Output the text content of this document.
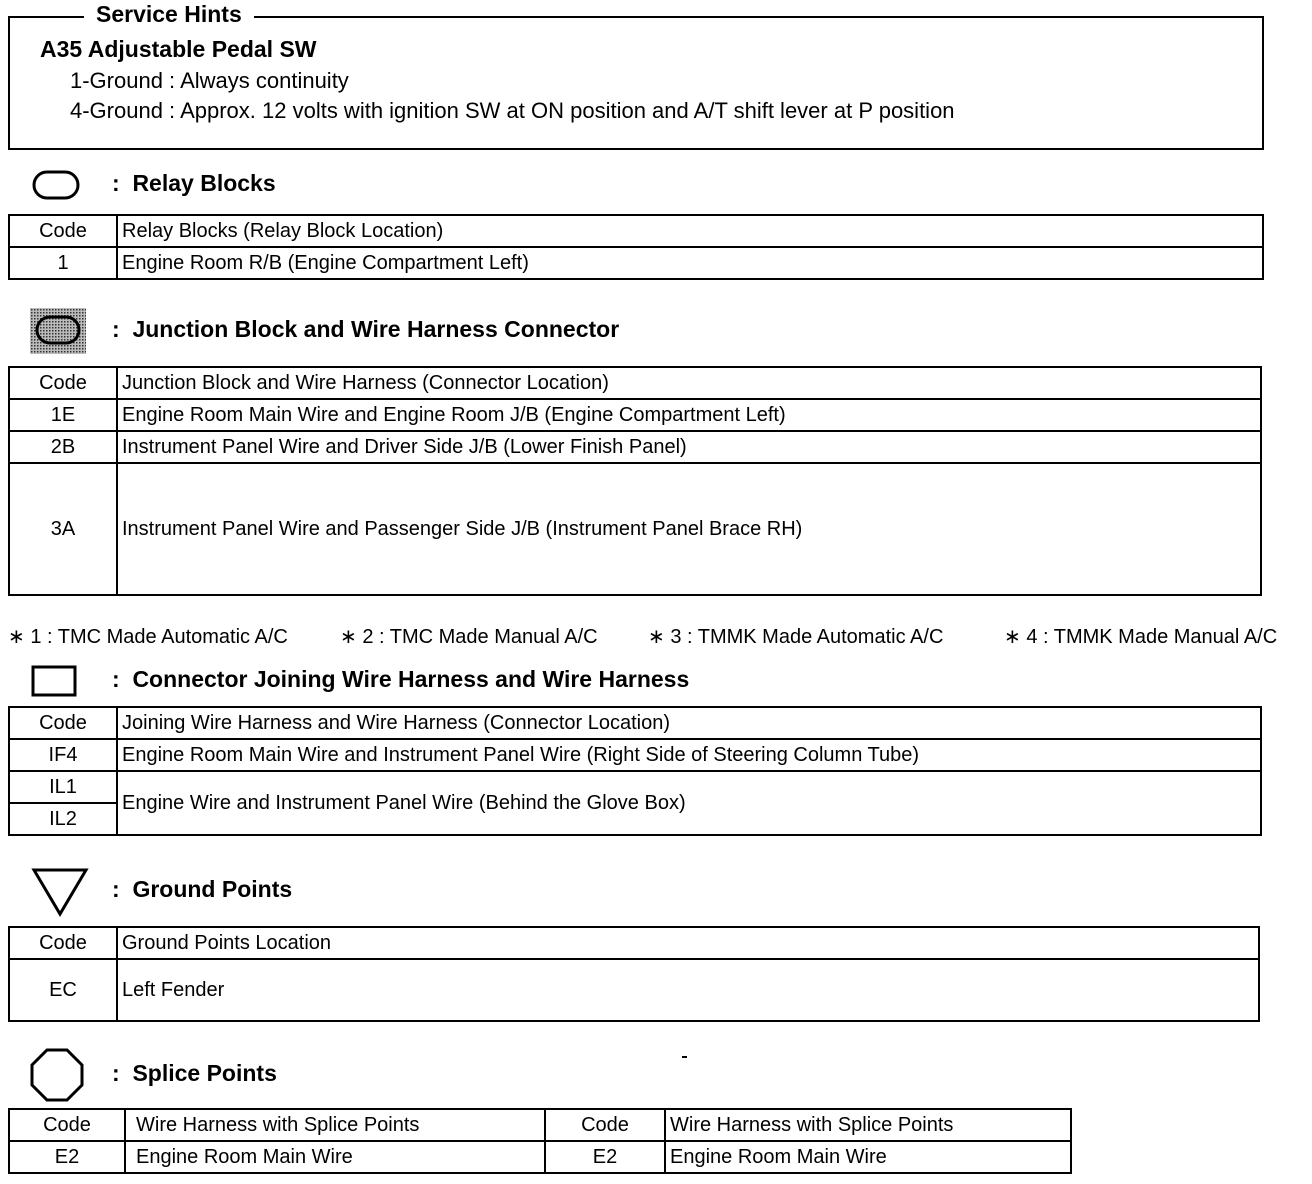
Service Hints
A35 Adjustable Pedal SW
1-Ground : Always continuity
4-Ground : Approx. 12 volts with ignition SW at ON position and A/T shift lever at P position
:  Relay Blocks
Code	Relay Blocks (Relay Block Location)
1	Engine Room R/B (Engine Compartment Left)
:  Junction Block and Wire Harness Connector
Code	Junction Block and Wire Harness (Connector Location)
1E	Engine Room Main Wire and Engine Room J/B (Engine Compartment Left)
2B	Instrument Panel Wire and Driver Side J/B (Lower Finish Panel)
3A	Instrument Panel Wire and Passenger Side J/B (Instrument Panel Brace RH)
∗ 1 : TMC Made Automatic A/C	∗ 2 : TMC Made Manual A/C	∗ 3 : TMMK Made Automatic A/C	∗ 4 : TMMK Made Manual A/C
:  Connector Joining Wire Harness and Wire Harness
Code	Joining Wire Harness and Wire Harness (Connector Location)
IF4	Engine Room Main Wire and Instrument Panel Wire (Right Side of Steering Column Tube)
IL1	Engine Wire and Instrument Panel Wire (Behind the Glove Box)
IL2	
:  Ground Points
Code	Ground Points Location
EC	Left Fender
:  Splice Points
Code	Wire Harness with Splice Points	Code	Wire Harness with Splice Points
E2	Engine Room Main Wire	E2	Engine Room Main Wire
